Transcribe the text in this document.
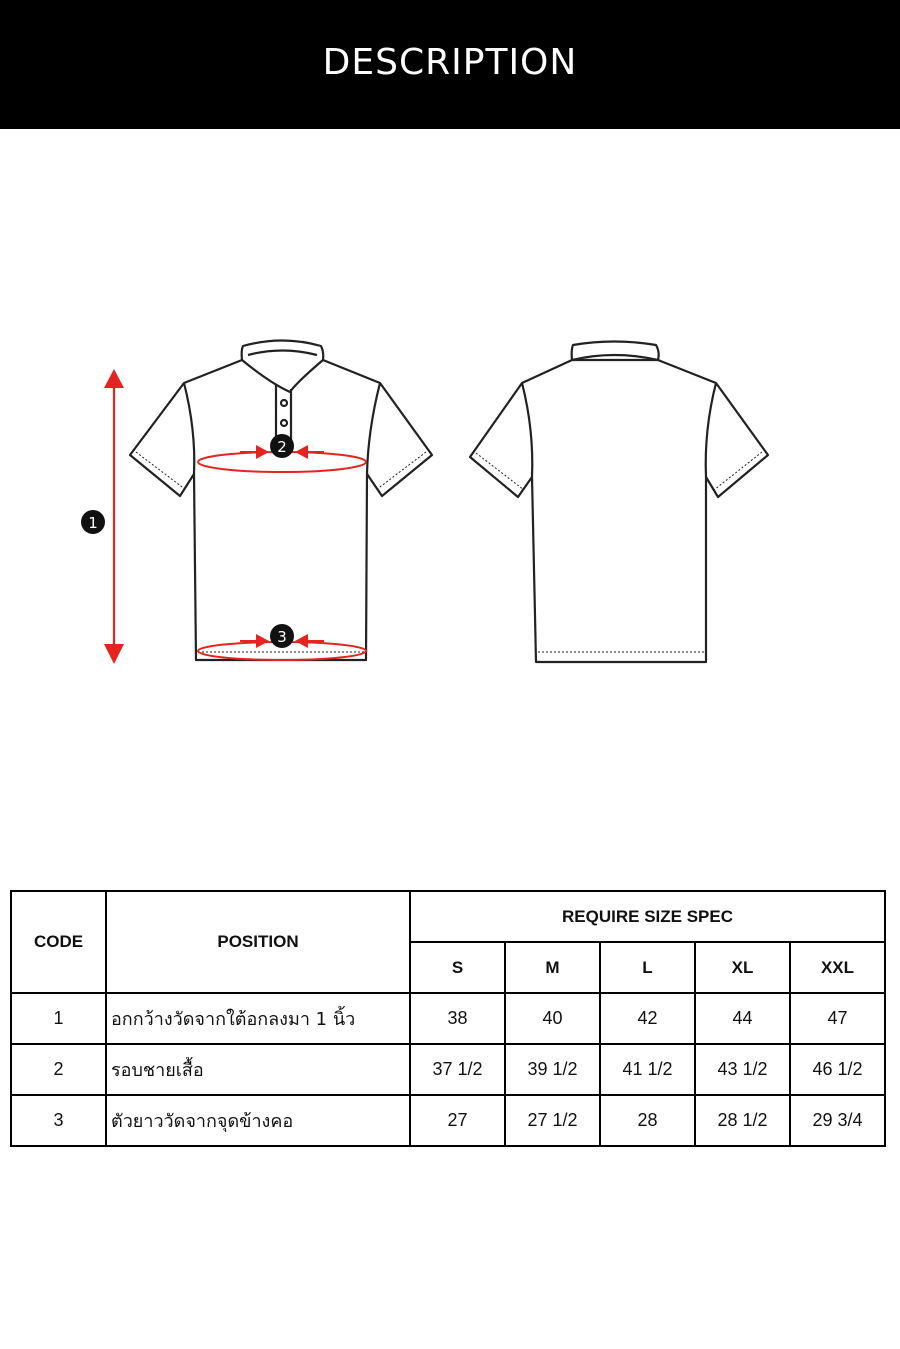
DESCRIPTION
1
2
3
CODE	POSITION	REQUIRE SIZE SPEC				
		S	M	L	XL	XXL
1	อกกว้างวัดจากใต้อกลงมา 1 นิ้ว	38	40	42	44	47
2	รอบชายเสื้อ	37 1/2	39 1/2	41 1/2	43 1/2	46 1/2
3	ตัวยาววัดจากจุดข้างคอ	27	27 1/2	28	28 1/2	29 3/4
